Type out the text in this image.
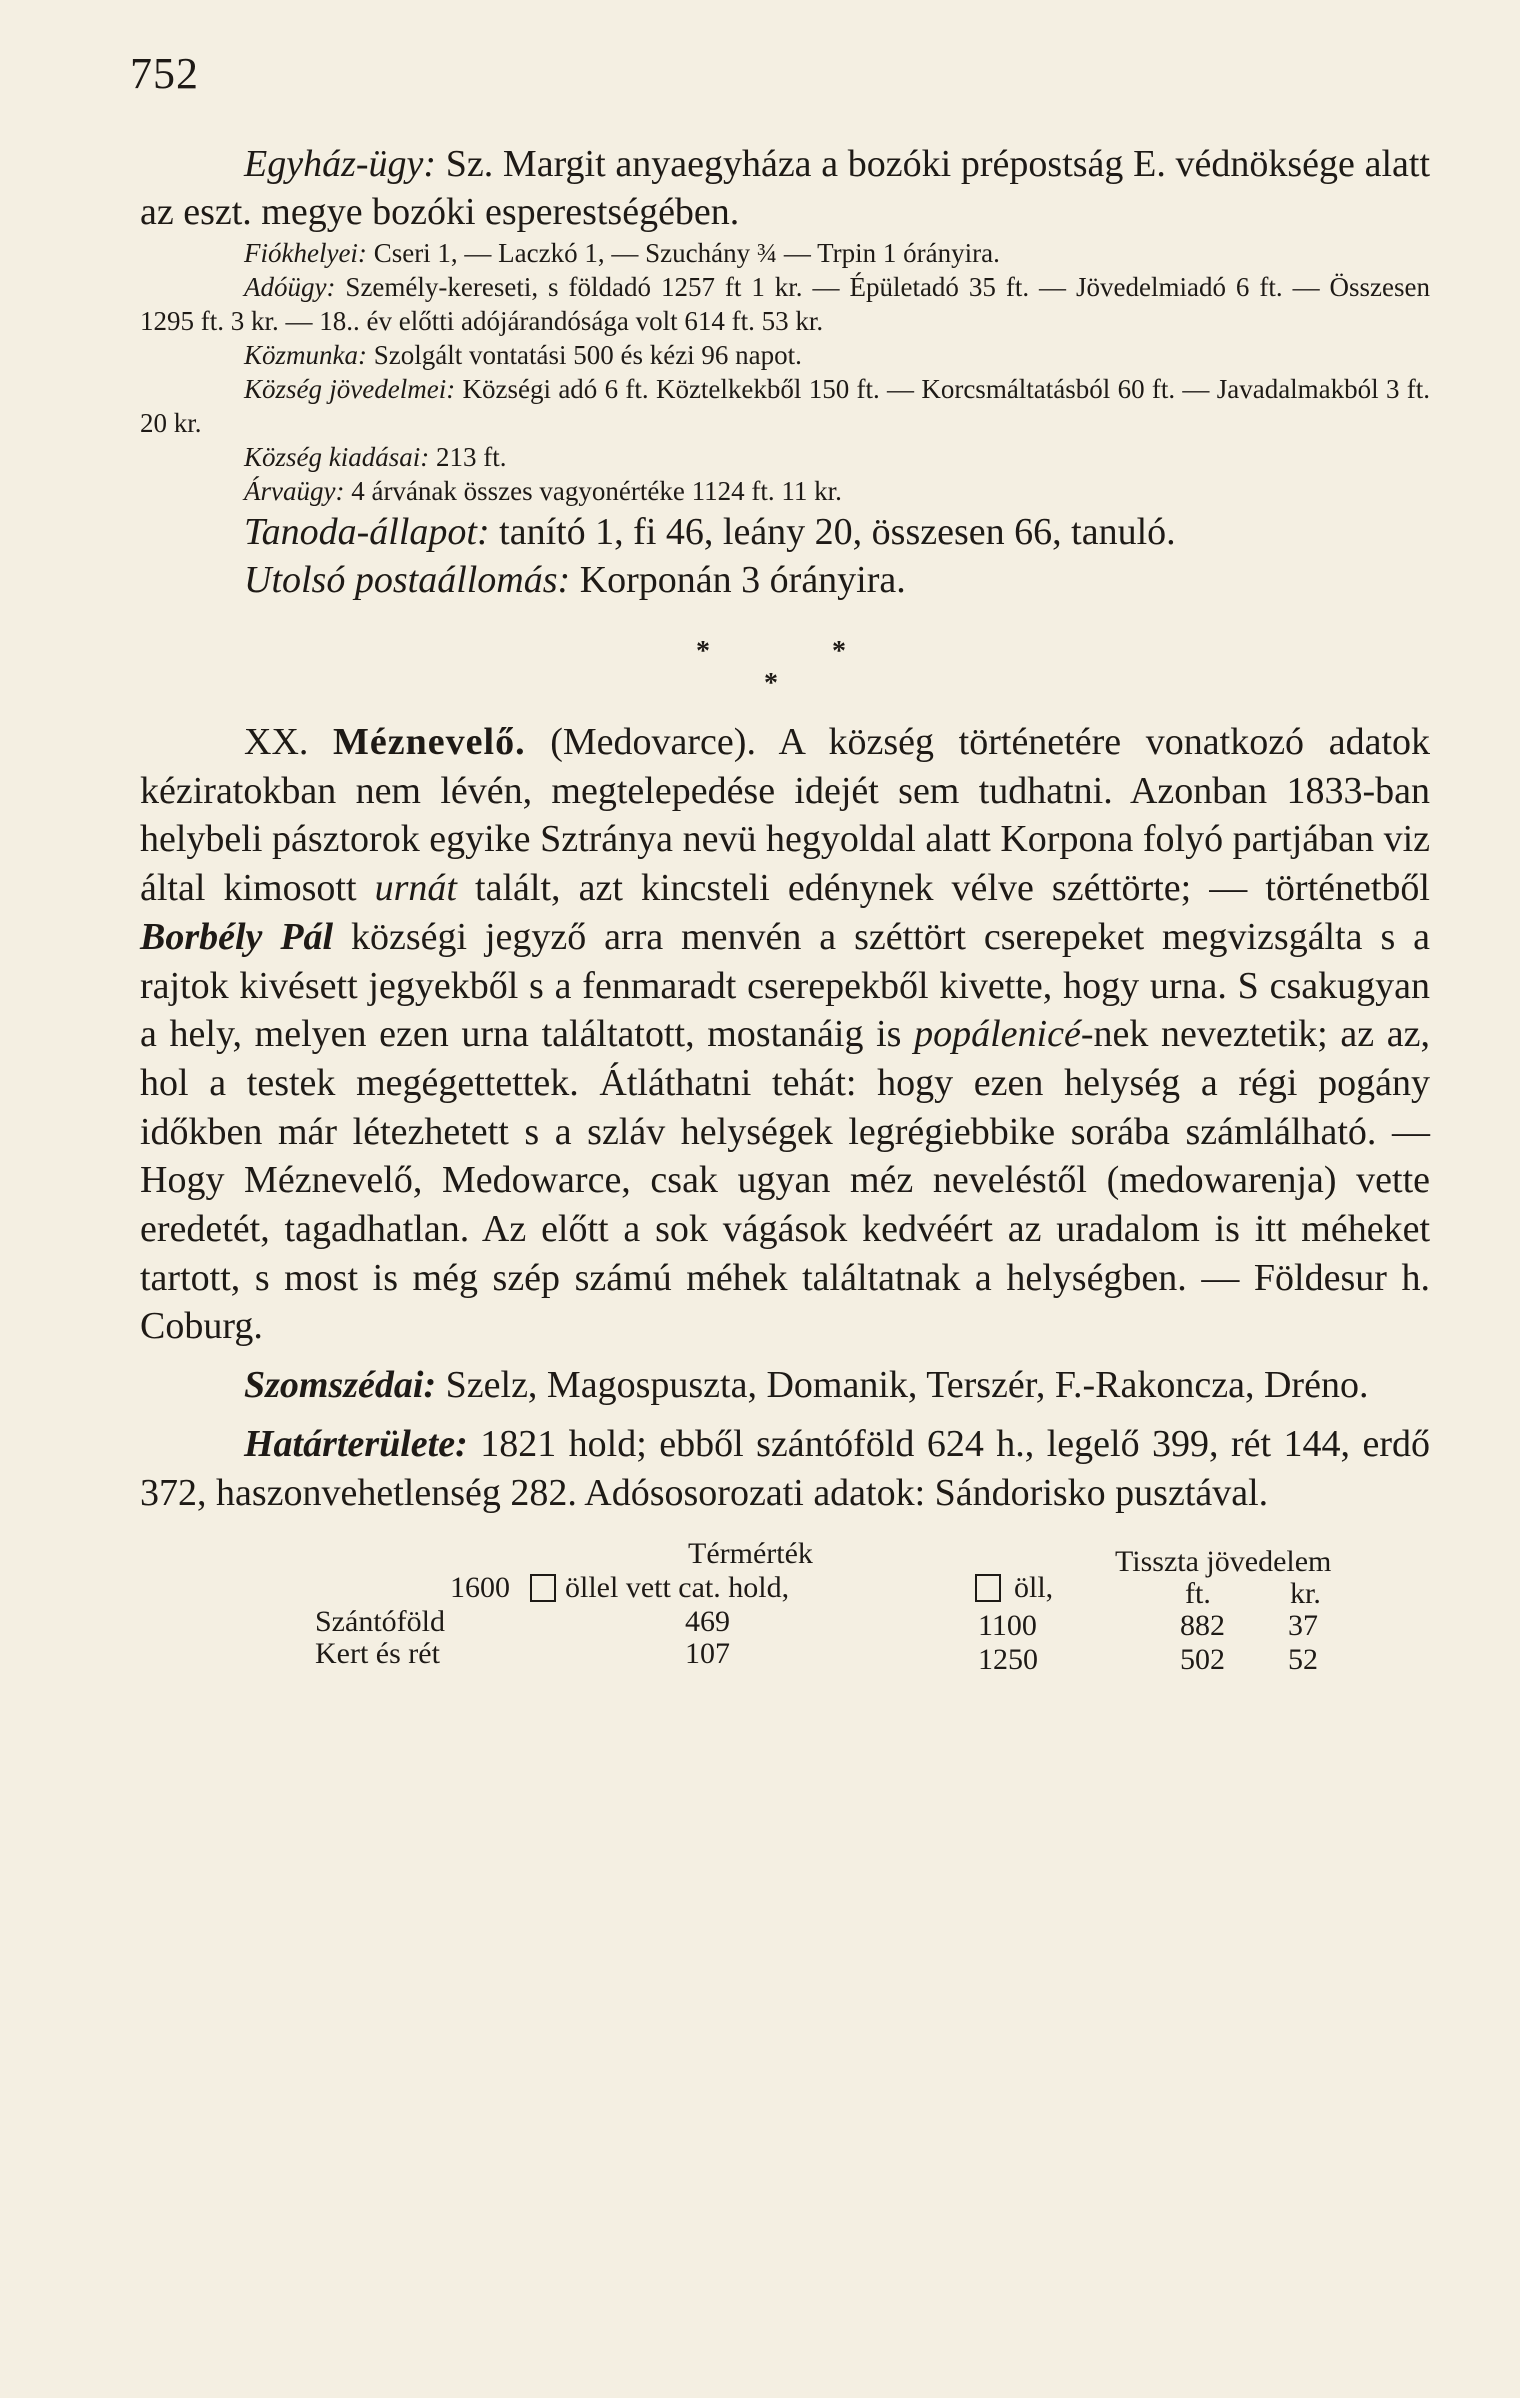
752

Egyház-ügy: Sz. Margit anyaegyháza a bozóki prépostság E. védnöksége alatt az eszt. megye bozóki esperestségében.

Fiókhelyei: Cseri 1, — Laczkó 1, — Szuchány ¾ — Trpin 1 órányira.

Adóügy: Személy-kereseti, s földadó 1257 ft 1 kr. — Épületadó 35 ft. — Jövedelmiadó 6 ft. — Összesen 1295 ft. 3 kr. — 18.. év előtti adójárandósága volt 614 ft. 53 kr.

Közmunka: Szolgált vontatási 500 és kézi 96 napot.

Község jövedelmei: Községi adó 6 ft. Köztelkekből 150 ft. — Korcsmáltatásból 60 ft. — Javadalmakból 3 ft. 20 kr.

Község kiadásai: 213 ft.

Árvaügy: 4 árvának összes vagyonértéke 1124 ft. 11 kr.

Tanoda-állapot: tanító 1, fi 46, leány 20, összesen 66, tanuló.

Utolsó postaállomás: Korponán 3 órányira.

*	*
*

XX. Méznevelő. (Medovarce). A község történetére vonatkozó adatok kéziratokban nem lévén, megtelepedése idejét sem tudhatni. Azonban 1833-ban helybeli pásztorok egyike Sztránya nevü hegyoldal alatt Korpona folyó partjában viz által kimosott urnát talált, azt kincsteli edénynek vélve széttörte; — történetből Borbély Pál községi jegyző arra menvén a széttört cserepeket megvizsgálta s a rajtok kivésett jegyekből s a fenmaradt cserepekből kivette, hogy urna. S csakugyan a hely, melyen ezen urna találtatott, mostanáig is popálenicé-nek neveztetik; az az, hol a testek megégettettek. Átláthatni tehát: hogy ezen helység a régi pogány időkben már létezhetett s a szláv helységek legrégiebbike sorába számlálható. — Hogy Méznevelő, Medowarce, csak ugyan méz neveléstől (medowarenja) vette eredetét, tagadhatlan. Az előtt a sok vágások kedvéért az uradalom is itt méheket tartott, s most is még szép számú méhek találtatnak a helységben. — Földesur h. Coburg.

Szomszédai: Szelz, Magospusztа, Domanik, Terszér, F.-Rakoncza, Dréno.

Határterülete: 1821 hold; ebből szántóföld 624 h., legelő 399, rét 144, erdő 372, haszonvehetlenség 282. Adósosorozati adatok: Sándorisko pusztával.

Térmérték	Tisszta jövedelem
1600 öllel vett cat. hold,	öll,	ft.	kr.
Szántóföld	469	1100	882 37
Kert és rét	107	1250	502 52
